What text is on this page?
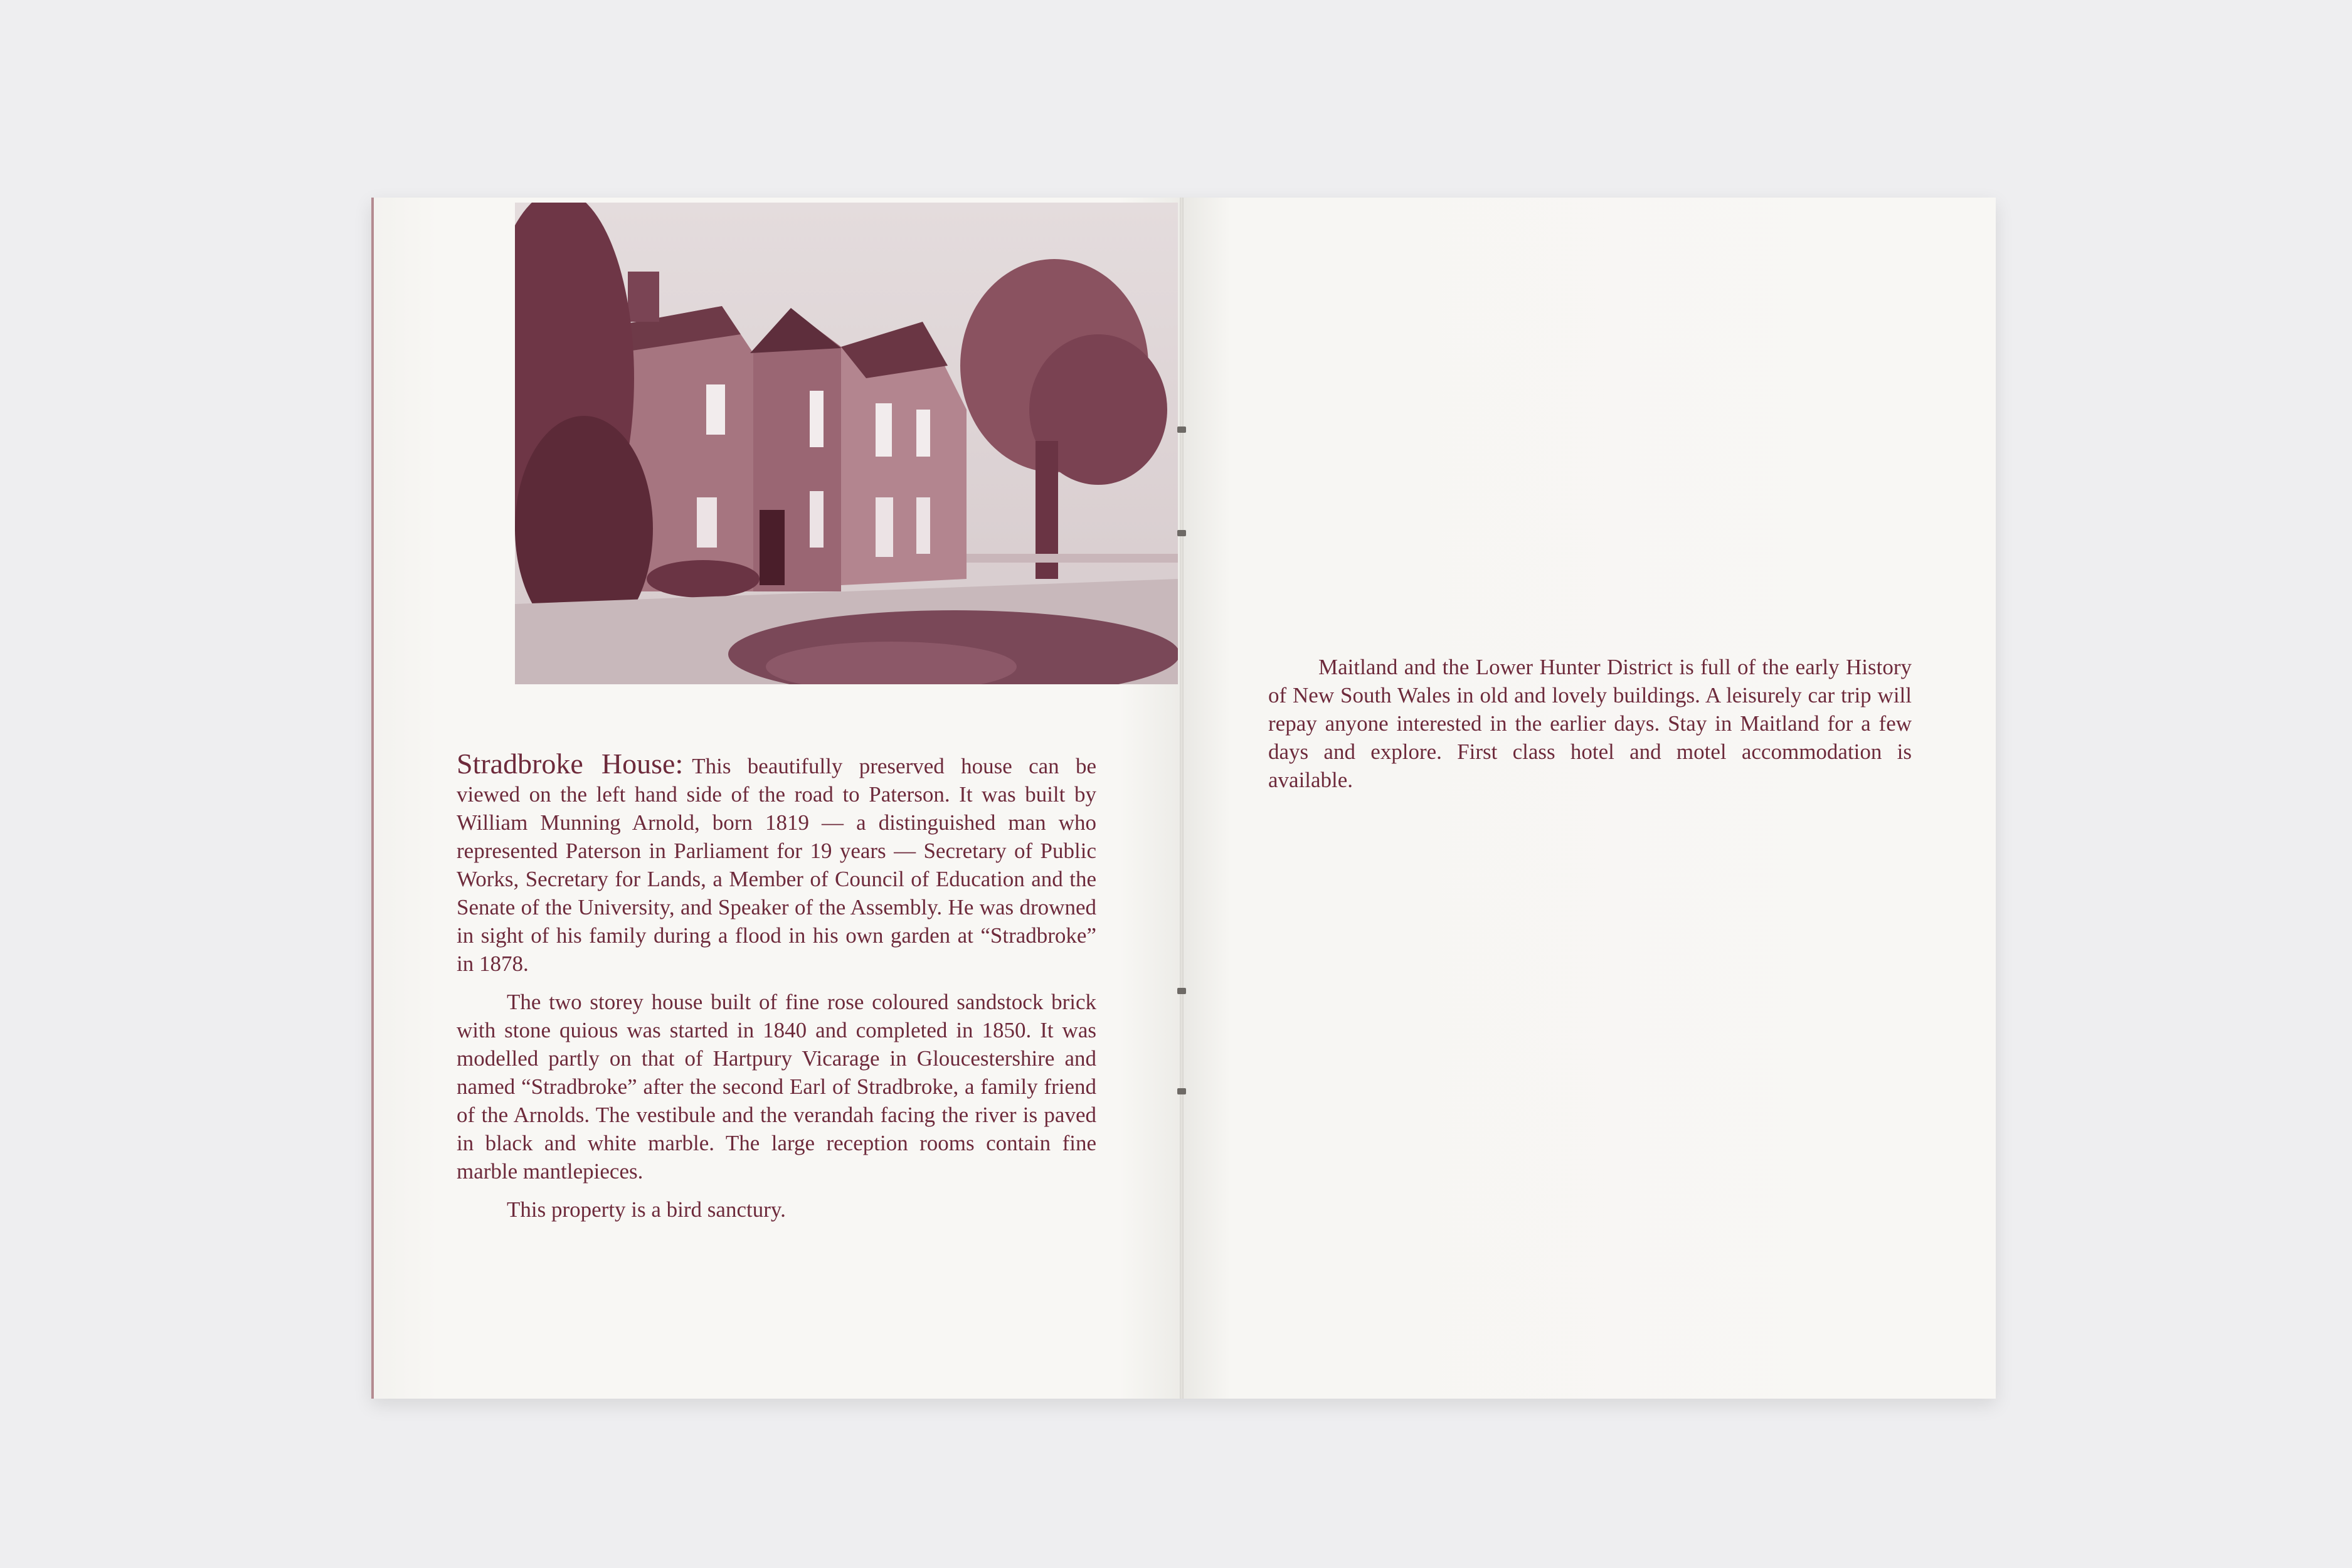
Stradbroke House: This beautifully preserved house can be viewed on the left hand side of the road to Paterson. It was built by William Munning Arnold, born 1819 — a distinguished man who represented Paterson in Parliament for 19 years — Secretary of Public Works, Secretary for Lands, a Member of Council of Education and the Senate of the University, and Speaker of the Assembly. He was drowned in sight of his family during a flood in his own garden at “Stradbroke” in 1878.

The two storey house built of fine rose coloured sandstock brick with stone quious was started in 1840 and completed in 1850. It was modelled partly on that of Hartpury Vicarage in Gloucestershire and named “Stradbroke” after the second Earl of Stradbroke, a family friend of the Arnolds. The vestibule and the verandah facing the river is paved in black and white marble. The large reception rooms contain fine marble mantlepieces.

This property is a bird sanctury.

Maitland and the Lower Hunter District is full of the early History of New South Wales in old and lovely buildings. A leisurely car trip will repay anyone interested in the earlier days. Stay in Maitland for a few days and explore. First class hotel and motel accommodation is available.
